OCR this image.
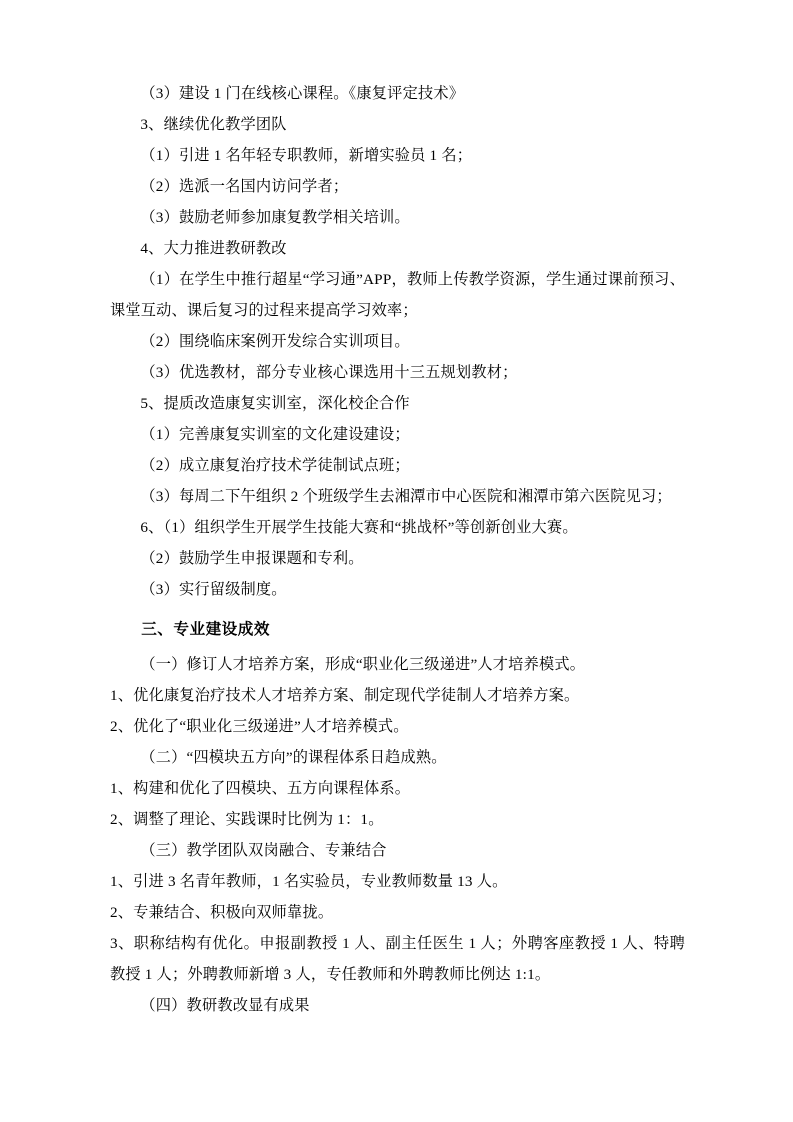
（3）建设 1 门在线核心课程。《康复评定技术》

3、继续优化教学团队

（1）引进 1 名年轻专职教师，新增实验员 1 名；

（2）选派一名国内访问学者；

（3）鼓励老师参加康复教学相关培训。

4、大力推进教研教改

（1）在学生中推行超星“学习通”APP，教师上传教学资源，学生通过课前预习、课堂互动、课后复习的过程来提高学习效率；

（2）围绕临床案例开发综合实训项目。

（3）优选教材，部分专业核心课选用十三五规划教材；

5、提质改造康复实训室，深化校企合作

（1）完善康复实训室的文化建设建设；

（2）成立康复治疗技术学徒制试点班；

（3）每周二下午组织 2 个班级学生去湘潭市中心医院和湘潭市第六医院见习；

6、（1）组织学生开展学生技能大赛和“挑战杯”等创新创业大赛。

（2）鼓励学生申报课题和专利。

（3）实行留级制度。

三、专业建设成效

（一）修订人才培养方案，形成“职业化三级递进”人才培养模式。

1、优化康复治疗技术人才培养方案、制定现代学徒制人才培养方案。

2、优化了“职业化三级递进”人才培养模式。

（二）“四模块五方向”的课程体系日趋成熟。

1、构建和优化了四模块、五方向课程体系。

2、调整了理论、实践课时比例为 1：1。

（三）教学团队双岗融合、专兼结合

1、引进 3 名青年教师，1 名实验员，专业教师数量 13 人。

2、专兼结合、积极向双师靠拢。

3、职称结构有优化。申报副教授 1 人、副主任医生 1 人；外聘客座教授 1 人、特聘教授 1 人；外聘教师新增 3 人，专任教师和外聘教师比例达 1:1。

（四）教研教改显有成果
